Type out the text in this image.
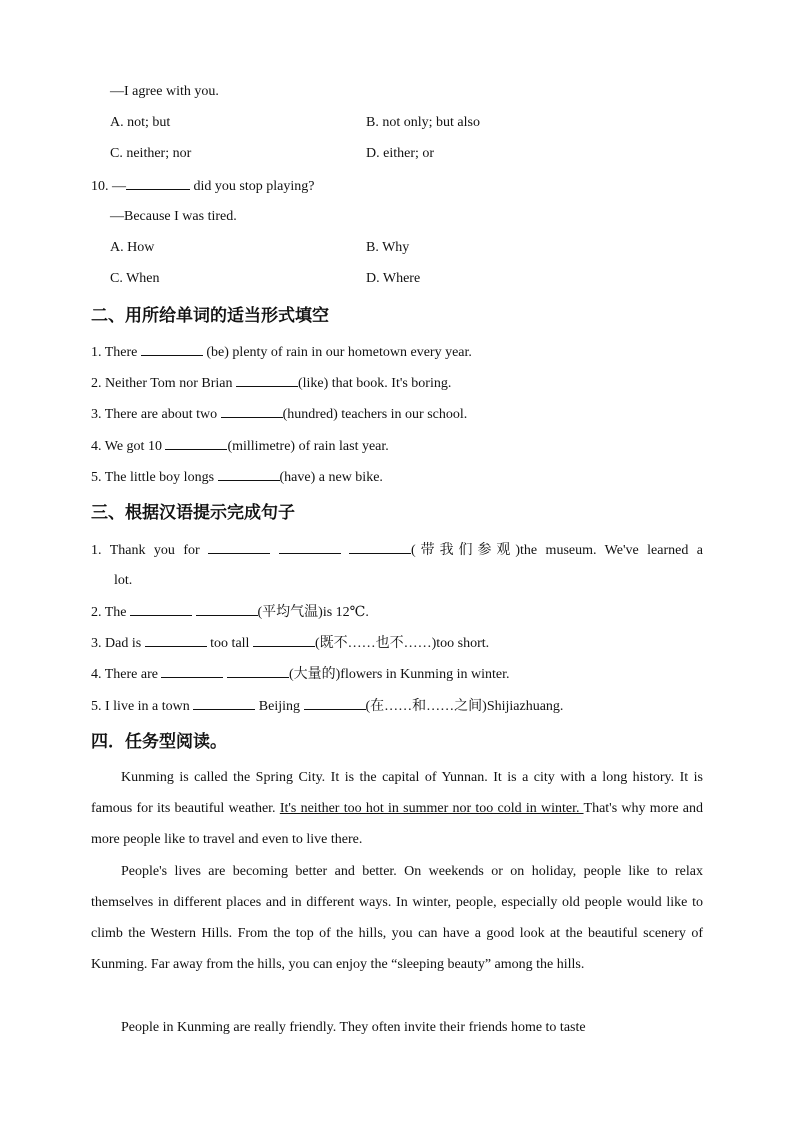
—I agree with you.
A. not; but	B. not only; but also
C. neither; nor	D. either; or
10. —	did you stop playing?
—Because I was tired.
A. How	B. Why
C. When	D. Where
二、用所给单词的适当形式填空
1. There	(be) plenty of rain in our hometown every year.
2. Neither Tom nor Brian	(like) that book. It's boring.
3. There are about two	(hundred) teachers in our school.
4. We got 10	(millimetre) of rain last year.
5. The little boy longs	(have) a new bike.
三、根据汉语提示完成句子
1. Thank you for	(带我们参观)the museum. We've learned a
lot.
2. The	(平均气温)is 12℃.
3. Dad is	too tall	(既不……也不……)too short.
4. There are	(大量的)flowers in Kunming in winter.
5. I live in a town	Beijing	(在……和……之间)Shijiazhuang.
四．任务型阅读。
Kunming is called the Spring City. It is the capital of Yunnan. It is a city with a long history. It is famous for its beautiful weather. It's neither too hot in summer nor too cold in winter. That's why more and more people like to travel and even to live there.
People's lives are becoming better and better. On weekends or on holiday, people like to relax themselves in different places and in different ways. In winter, people, especially old people would like to climb the Western Hills. From the top of the hills, you can have a good look at the beautiful scenery of Kunming. Far away from the hills, you can enjoy the “sleeping beauty” among the hills.
People in Kunming are really friendly. They often invite their friends home to taste
